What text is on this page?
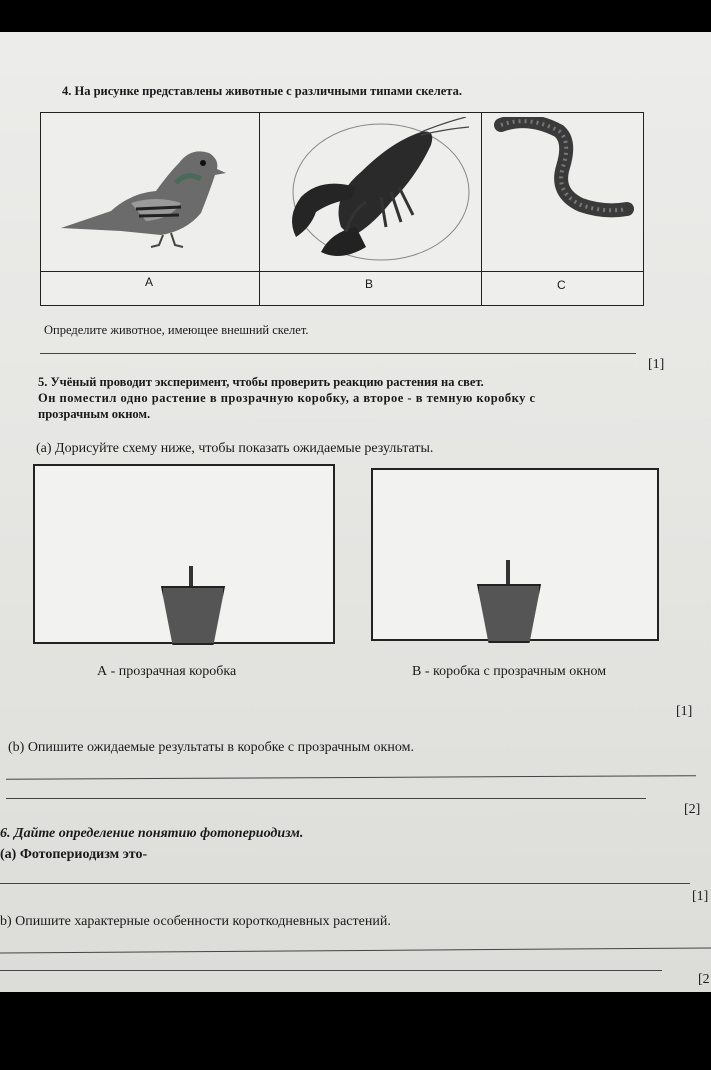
4. На рисунке представлены животные с различными типами скелета.
A	B	C
Определите животное, имеющее внешний скелет.
[1]
5. Учёный проводит эксперимент, чтобы проверить реакцию растения на свет.
Он поместил одно растение в прозрачную коробку, а второе - в темную коробку с
прозрачным окном.
(а) Дорисуйте схему ниже, чтобы показать ожидаемые результаты.
А - прозрачная коробка	В - коробка с прозрачным окном
[1]
(b) Опишите ожидаемые результаты в коробке с прозрачным окном.
[2]
6. Дайте определение понятию фотопериодизм.
(а) Фотопериодизм это-
[1]
b) Опишите характерные особенности короткодневных растений.
[2
